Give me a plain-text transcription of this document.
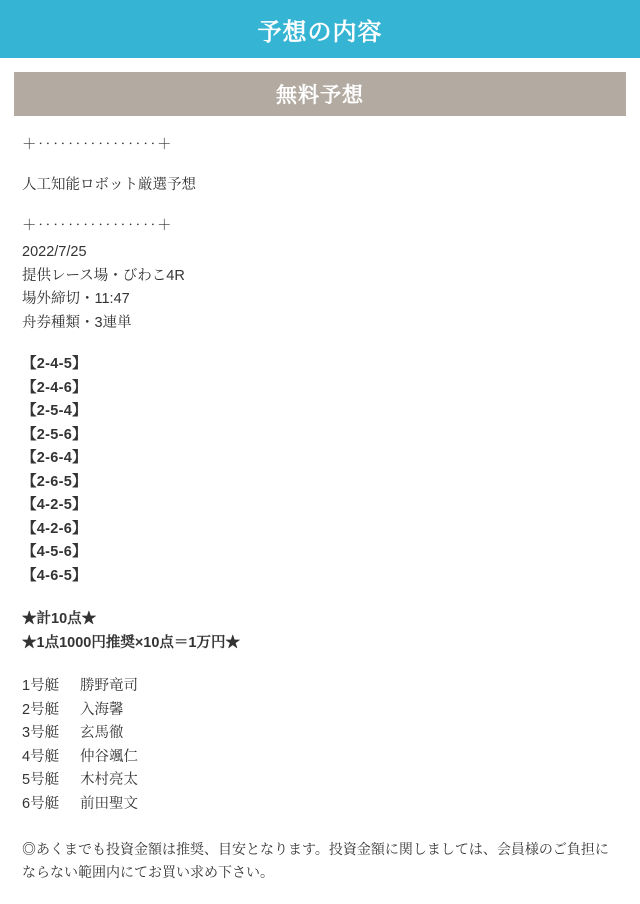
予想の内容
無料予想
＋‥‥‥‥‥‥‥‥＋

人工知能ロボット厳選予想

＋‥‥‥‥‥‥‥‥＋

2022/7/25

提供レース場・びわこ4R

場外締切・11:47

舟券種類・3連単

【2-4-5】

【2-4-6】

【2-5-4】

【2-5-6】

【2-6-4】

【2-6-5】

【4-2-5】

【4-2-6】

【4-5-6】

【4-6-5】

★計10点★

★1点1000円推奨×10点＝1万円★

1号艇	勝野竜司
2号艇	入海馨
3号艇	玄馬徹
4号艇	仲谷颯仁
5号艇	木村亮太
6号艇	前田聖文

◎あくまでも投資金額は推奨、目安となります。投資金額に関しましては、会員様のご負担にならない範囲内にてお買い求め下さい。
